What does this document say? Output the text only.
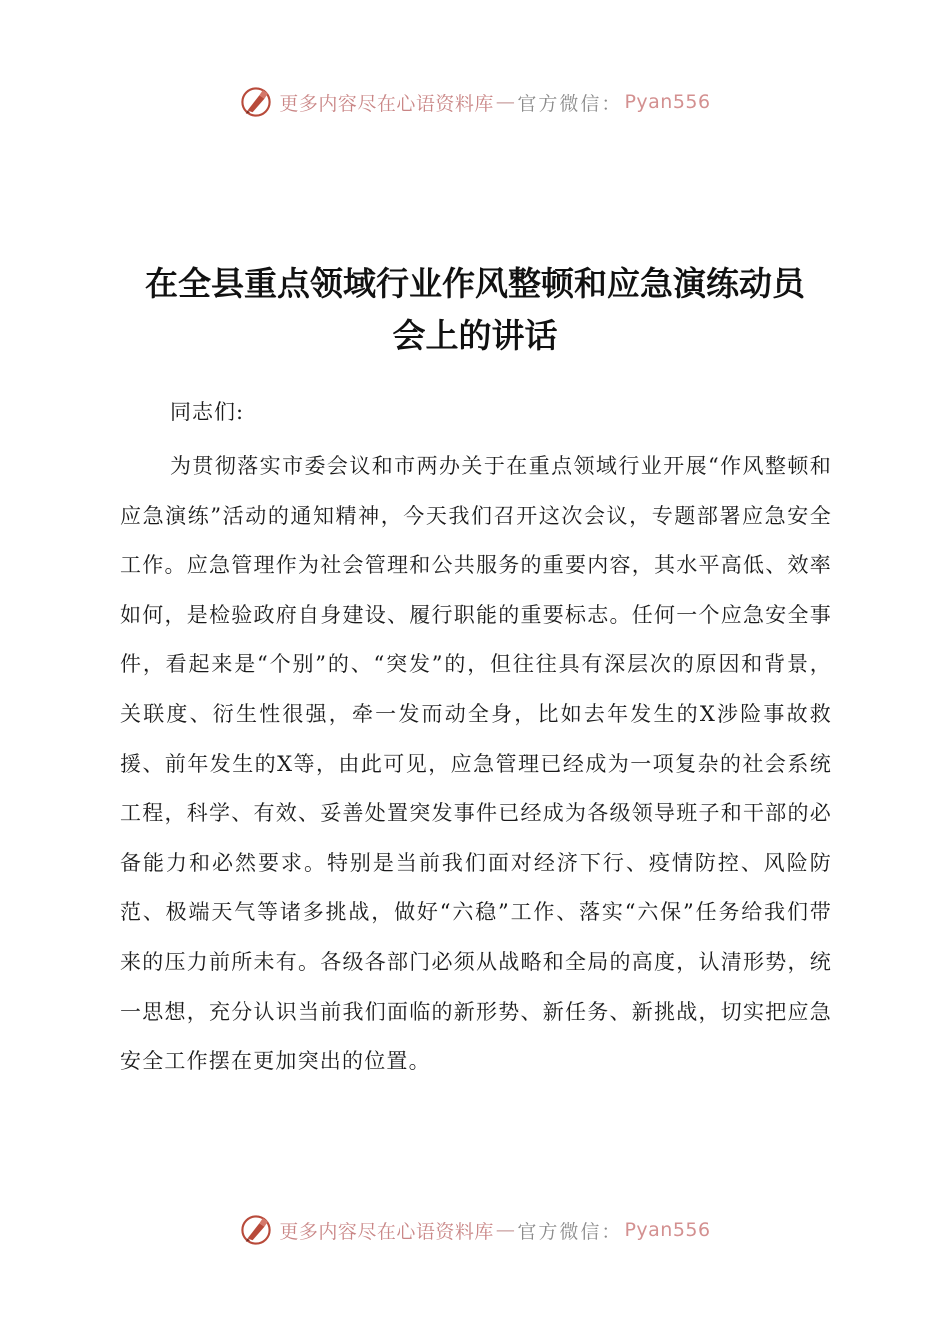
更多内容尽在心语资料库 — 官方微信： Pyan556
在全县重点领域行业作风整顿和应急演练动员
会上的讲话

同志们:

为贯彻落实市委会议和市两办关于在重点领域行业开展“作风整顿和应急演练”活动的通知精神，今天我们召开这次会议，专题部署应急安全工作。应急管理作为社会管理和公共服务的重要内容，其水平高低、效率如何，是检验政府自身建设、履行职能的重要标志。任何一个应急安全事件，看起来是“个别”的、“突发”的，但往往具有深层次的原因和背景，关联度、衍生性很强，牵一发而动全身，比如去年发生的X涉险事故救援、前年发生的X等，由此可见，应急管理已经成为一项复杂的社会系统工程，科学、有效、妥善处置突发事件已经成为各级领导班子和干部的必备能力和必然要求。特别是当前我们面对经济下行、疫情防控、风险防范、极端天气等诸多挑战，做好“六稳”工作、落实“六保”任务给我们带来的压力前所未有。各级各部门必须从战略和全局的高度，认清形势，统一思想，充分认识当前我们面临的新形势、新任务、新挑战，切实把应急安全工作摆在更加突出的位置。

更多内容尽在心语资料库 — 官方微信： Pyan556
